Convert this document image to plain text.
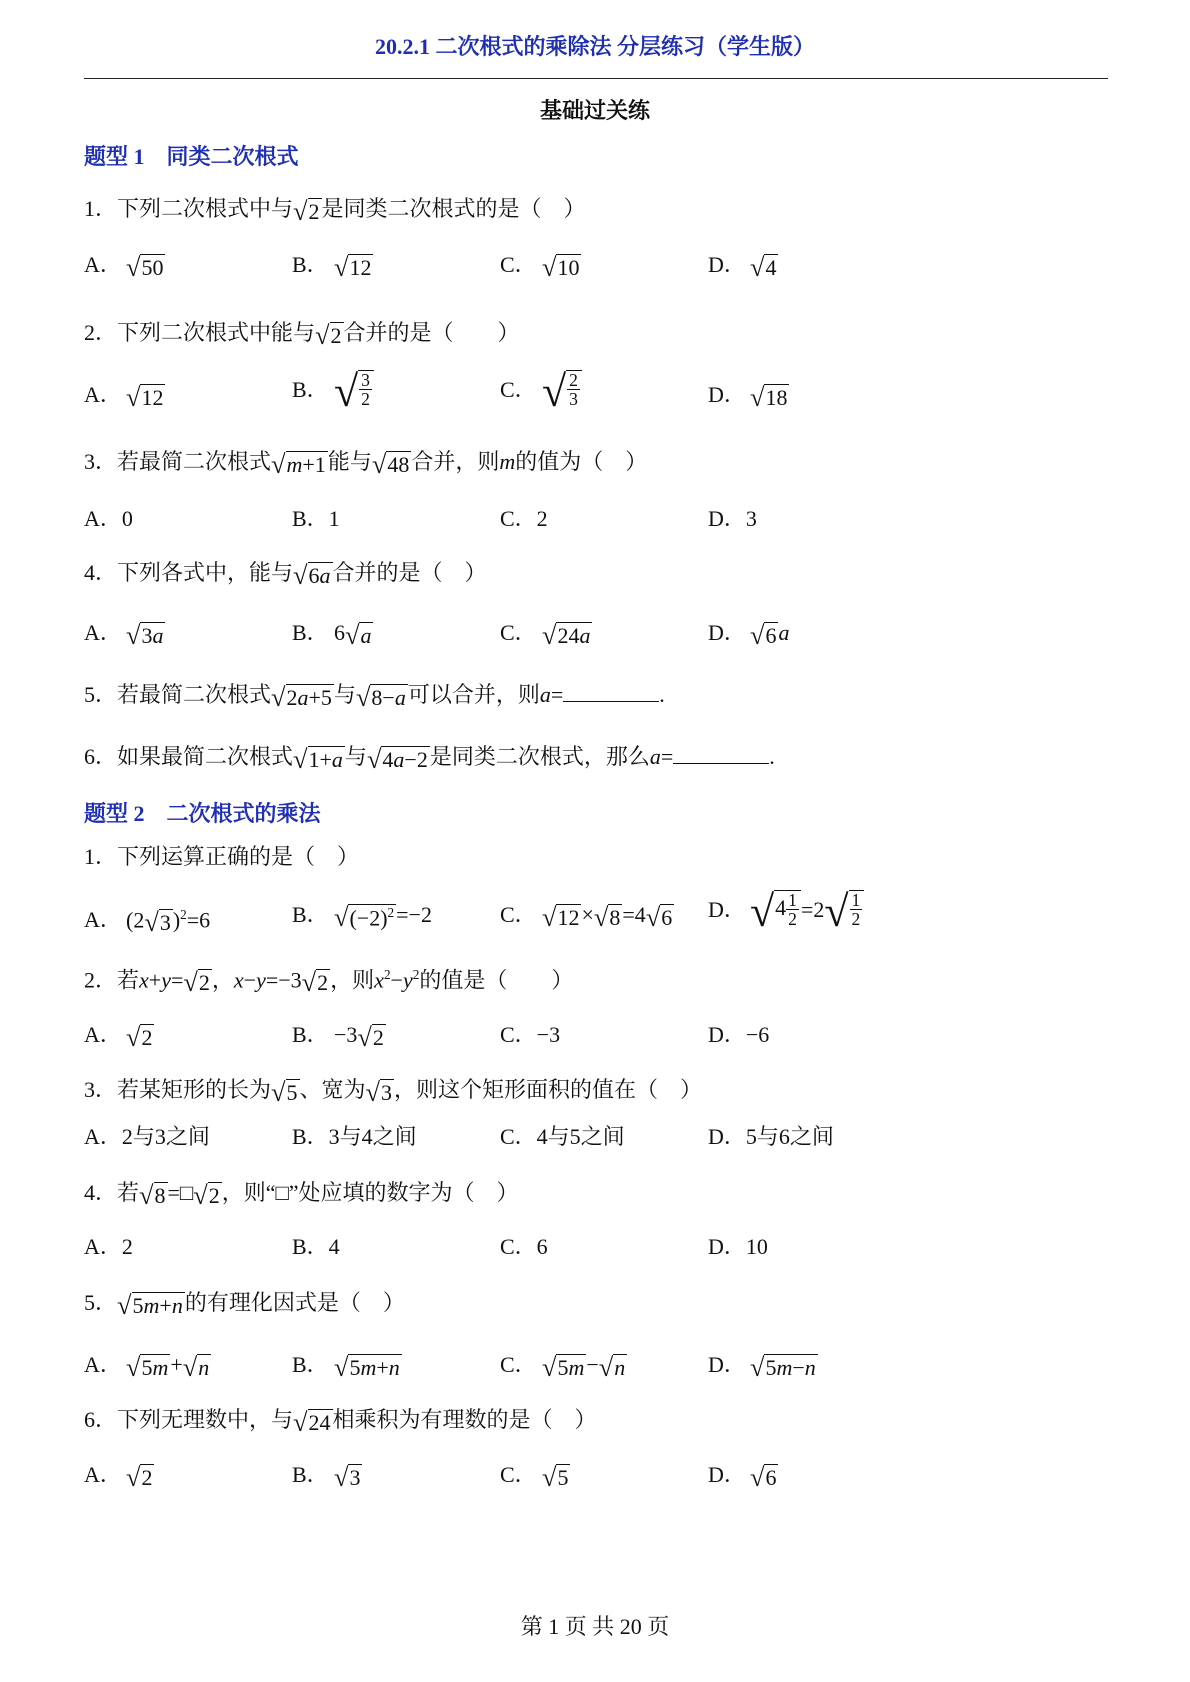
20.2.1 二次根式的乘除法 分层练习（学生版）
基础过关练
题型 1　同类二次根式
1．下列二次根式中与 √ 2 是同类二次根式的是（　）
A． √ 50	B． √ 12	C． √ 10	D． √ 4
2．下列二次根式中能与 √ 2 合并的是（　　）
A． √ 12	B． √ $\frac{3}{2}$	C． √ $\frac{2}{3}$	D． √ 18
3．若最简二次根式 √ m+1 能与 √ 48 合并，则m的值为（　）
A．0	B．1	C．2	D．3
4．下列各式中，能与 √ 6a 合并的是（　）
A． √ 3a	B． 6 √ a	C． √ 24a	D． √ 6 a
5．若最简二次根式 √ 2a+5 与 √ 8−a 可以合并，则a=	.
6．如果最简二次根式 √ 1+a 与 √ 4a−2 是同类二次根式，那么a=	.
题型 2　二次根式的乘法
1．下列运算正确的是（　）
A． (2 √ 3 )$^2$=6	B． √ $(-2)^2 =-2$	C． √ 12 × √ 8 =4 √ 6 D． √ $4 \frac{1}{2} =2$ √ $\frac{1}{2}$
2．若x+y= √ 2 ，x−y=−3 √ 2 ，则$x^2-y^2$的值是（　　）
A． √ 2	B． −3 √ 2	C．−3	D．−6
3．若某矩形的长为 √ 5 、宽为 √ 3 ，则这个矩形面积的值在（　）
A．2与3之间	B．3与4之间	C．4与5之间	D．5与6之间
4．若 √ 8 =□ √ 2 ，则“□”处应填的数字为（　）
A．2	B．4	C．6	D．10
5． √ 5m+n 的有理化因式是（　）
A． √ 5m + √ n	B． √ 5m+n	C． √ 5m − √ n	D． √ 5m−n
6．下列无理数中，与 √ 24 相乘积为有理数的是（　）
A． √ 2	B． √ 3	C． √ 5	D． √ 6
第 1 页 共 20 页
